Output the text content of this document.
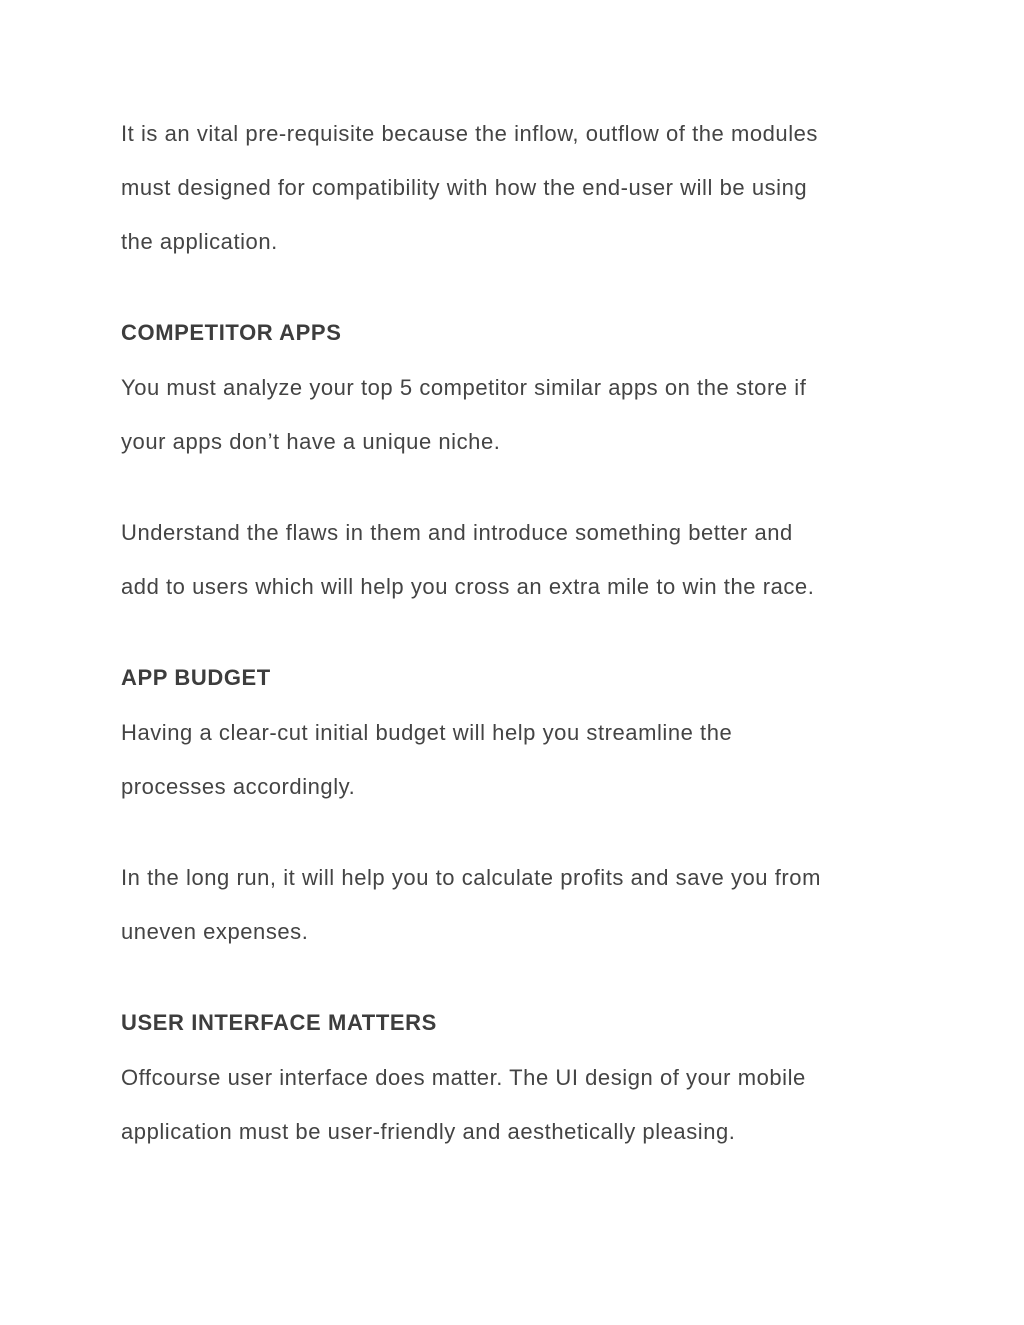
It is an vital pre-requisite because the inflow, outflow of the modules

must designed for compatibility with how the end-user will be using

the application.

COMPETITOR APPS

You must analyze your top 5 competitor similar apps on the store if

your apps don’t have a unique niche.

Understand the flaws in them and introduce something better and

add to users which will help you cross an extra mile to win the race.

APP BUDGET

Having a clear-cut initial budget will help you streamline the

processes accordingly.

In the long run, it will help you to calculate profits and save you from

uneven expenses.

USER INTERFACE MATTERS

Offcourse user interface does matter. The UI design of your mobile

application must be user-friendly and aesthetically pleasing.
